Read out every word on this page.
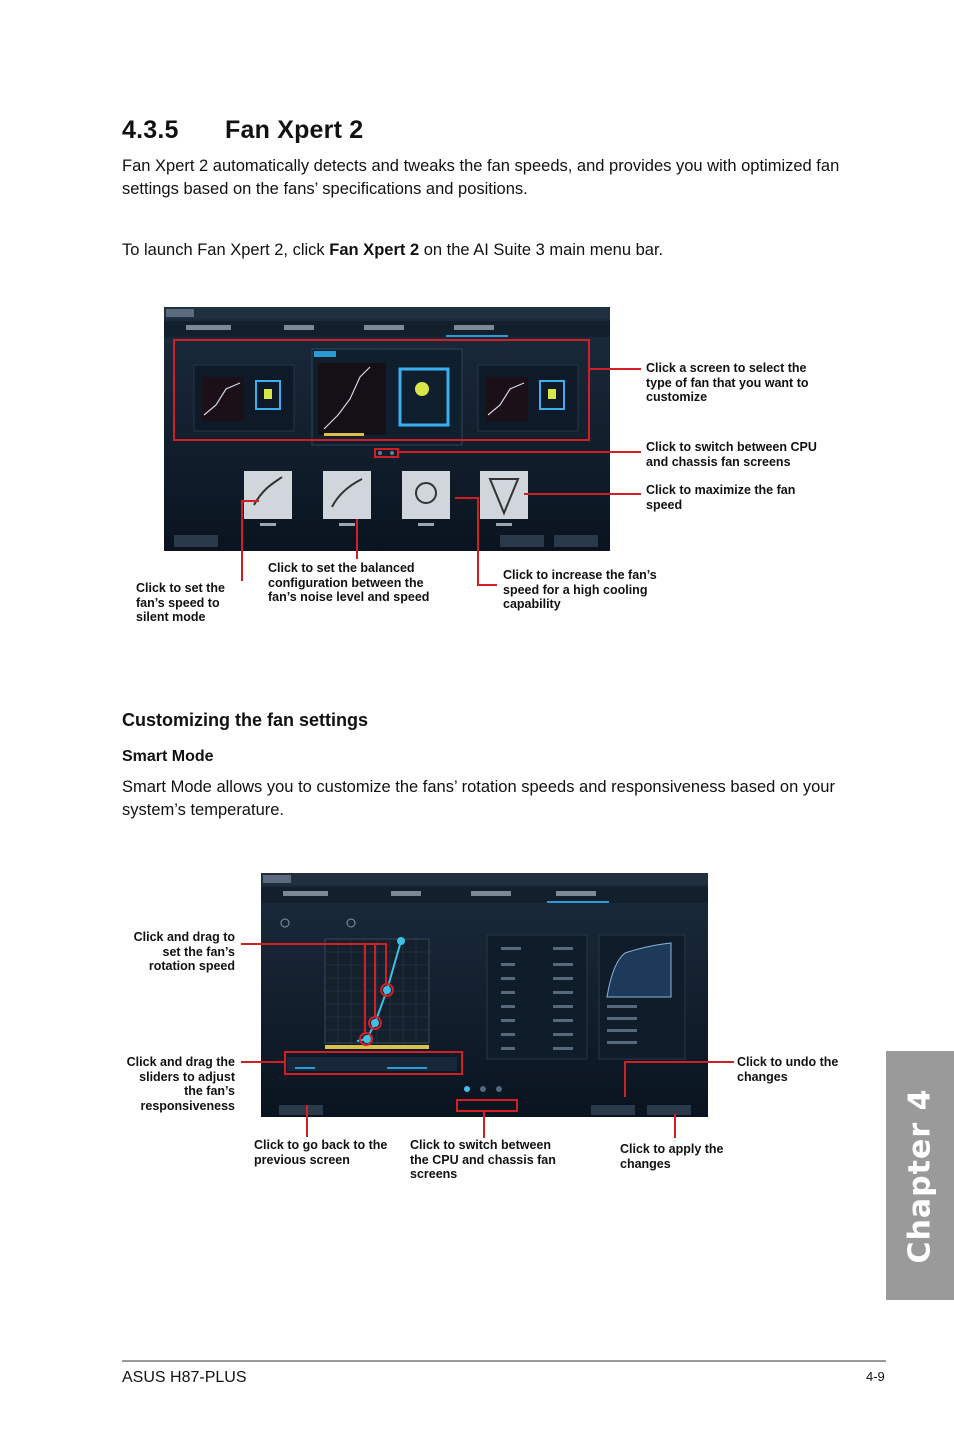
4.3.5 Fan Xpert 2

Fan Xpert 2 automatically detects and tweaks the fan speeds, and provides you with optimized fan settings based on the fans’ specifications and positions.

To launch Fan Xpert 2, click Fan Xpert 2 on the AI Suite 3 main menu bar.

Click a screen to select the type of fan that you want to customize
Click to switch between CPU and chassis fan screens
Click to maximize the fan speed
Click to set the fan’s speed to silent mode
Click to set the balanced configuration between the fan’s noise level and speed
Click to increase the fan’s speed for a high cooling capability
Customizing the fan settings
Smart Mode

Smart Mode allows you to customize the fans’ rotation speeds and responsiveness based on your system’s temperature.

Click and drag to set the fan’s rotation speed
Click and drag the sliders to adjust the fan’s responsiveness
Click to undo the changes
Click to go back to the previous screen
Click to switch between the CPU and chassis fan screens
Click to apply the changes	Chapter 4
ASUS H87-PLUS	4-9
